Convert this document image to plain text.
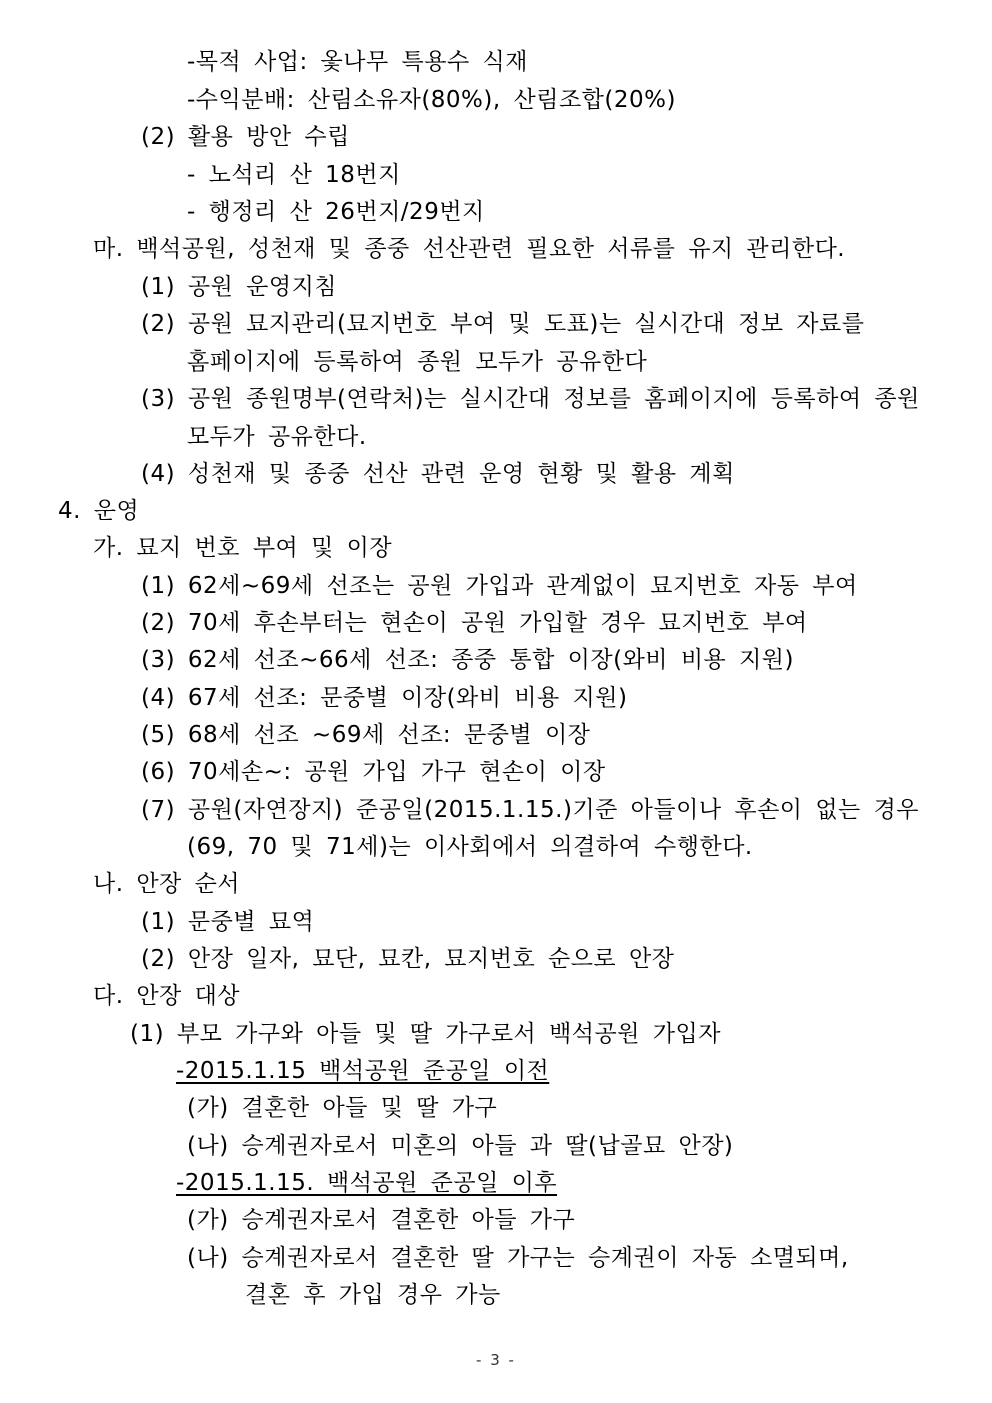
-목적 사업: 옻나무 특용수 식재
-수익분배: 산림소유자(80%), 산림조합(20%)
(2) 활용 방안 수립
- 노석리 산 18번지
- 행정리 산 26번지/29번지
마. 백석공원, 성천재 및 종중 선산관련 필요한 서류를 유지 관리한다.
(1) 공원 운영지침
(2) 공원 묘지관리(묘지번호 부여 및 도표)는 실시간대 정보 자료를
홈페이지에 등록하여 종원 모두가 공유한다
(3) 공원 종원명부(연락처)는 실시간대 정보를 홈페이지에 등록하여 종원
모두가 공유한다.
(4) 성천재 및 종중 선산 관련 운영 현황 및 활용 계획
4. 운영
가. 묘지 번호 부여 및 이장
(1) 62세~69세 선조는 공원 가입과 관계없이 묘지번호 자동 부여
(2) 70세 후손부터는 현손이 공원 가입할 경우 묘지번호 부여
(3) 62세 선조~66세 선조: 종중 통합 이장(와비 비용 지원)
(4) 67세 선조: 문중별 이장(와비 비용 지원)
(5) 68세 선조 ~69세 선조: 문중별 이장
(6) 70세손~: 공원 가입 가구 현손이 이장
(7) 공원(자연장지) 준공일(2015.1.15.)기준 아들이나 후손이 없는 경우
(69, 70 및 71세)는 이사회에서 의결하여 수행한다.
나. 안장 순서
(1) 문중별 묘역
(2) 안장 일자, 묘단, 묘칸, 묘지번호 순으로 안장
다. 안장 대상
(1) 부모 가구와 아들 및 딸 가구로서 백석공원 가입자
-2015.1.15 백석공원 준공일 이전
(가) 결혼한 아들 및 딸 가구
(나) 승계권자로서 미혼의 아들 과 딸(납골묘 안장)
-2015.1.15. 백석공원 준공일 이후
(가) 승계권자로서 결혼한 아들 가구
(나) 승계권자로서 결혼한 딸 가구는 승계권이 자동 소멸되며,
결혼 후 가입 경우 가능
- 3 -
